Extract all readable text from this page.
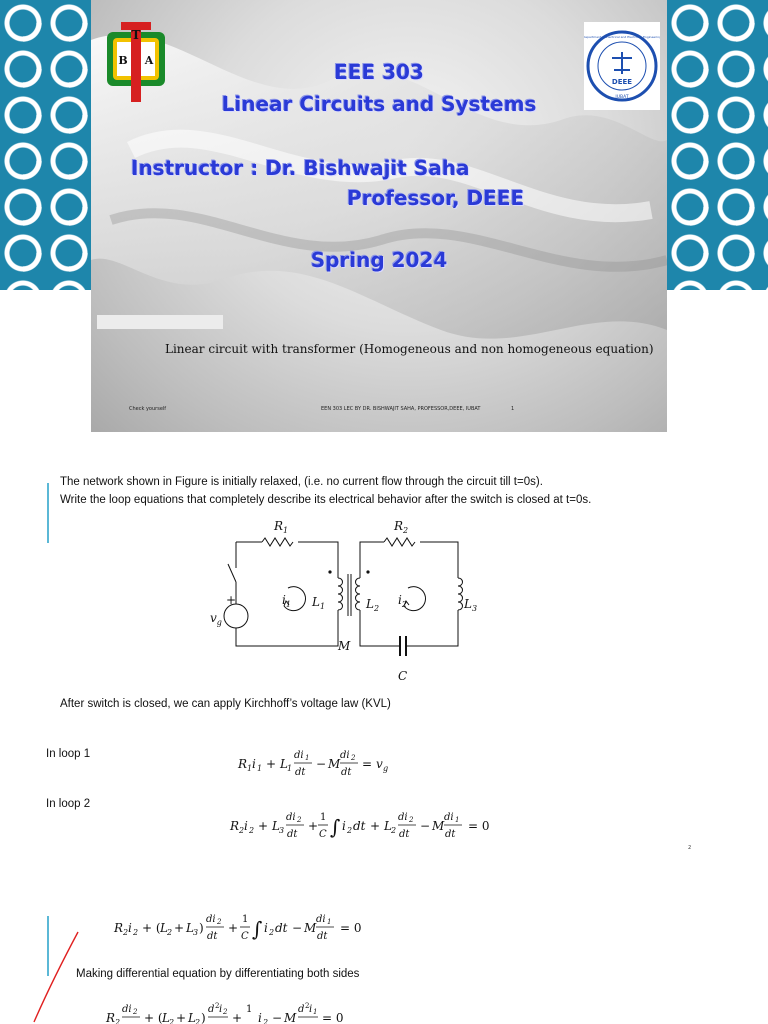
T
B A
DEEE
IUBAT
Department of Electrical and Electronic Engineering
EEE 303
Linear Circuits and Systems
Instructor : Dr. Bishwajit Saha
Professor, DEEE
Spring 2024
Linear circuit with transformer (Homogeneous and non homogeneous equation)
Check yourself	EEN 303 LEC BY DR. BISHWAJIT SAHA, PROFESSOR,DEEE, IUBAT	1
The network shown in Figure is initially relaxed, (i.e. no current flow through the circuit till t=0s).
Write the loop equations that completely describe its electrical behavior after the switch is closed at t=0s.
$R_1$	$R_2$
$L_1$	$L_2$	$L_3$
$i_1$	$i_2$
$v_g$
+
M
C
After switch is closed, we can apply Kirchhoff’s voltage law (KVL)
In loop 1
R 1 i 1 + L 1
di 1
dt
− M
di 2
dt
= v g
In loop 2
R 2 i 2 + L 3
di 2
dt
+
1
C ∫ i 2 dt + L 2
di 2
dt
− M
di 1
dt
= 0
2
R 2 i 2 + ( L 2 + L 3 )
di 2
dt
+
1
C ∫ i 2 dt − M
di 1
dt
= 0
Making differential equation by differentiating both sides
R 2
di 2 + ( L 2 + L 2 )
d 2 i 2 +
1
i 2 − M
d 2 i 1 = 0
